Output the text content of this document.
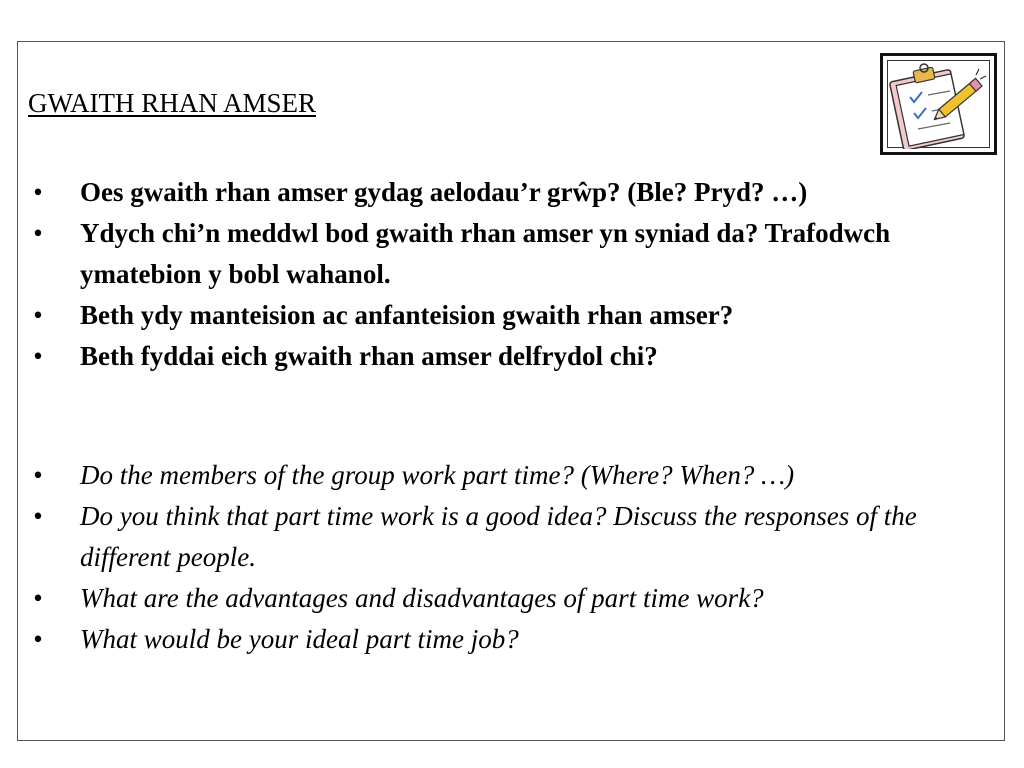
GWAITH RHAN AMSER
• Oes gwaith rhan amser gydag aelodau’r grŵp? (Ble? Pryd? …)
• Ydych chi’n meddwl bod gwaith rhan amser yn syniad da? Trafodwch ymatebion y bobl wahanol.
• Beth ydy manteision ac anfanteision gwaith rhan amser?
• Beth fyddai eich gwaith rhan amser delfrydol chi?
• Do the members of the group work part time? (Where? When? …)
• Do you think that part time work is a good idea? Discuss the responses of the different people.
• What are the advantages and disadvantages of part time work?
• What would be your ideal part time job?
